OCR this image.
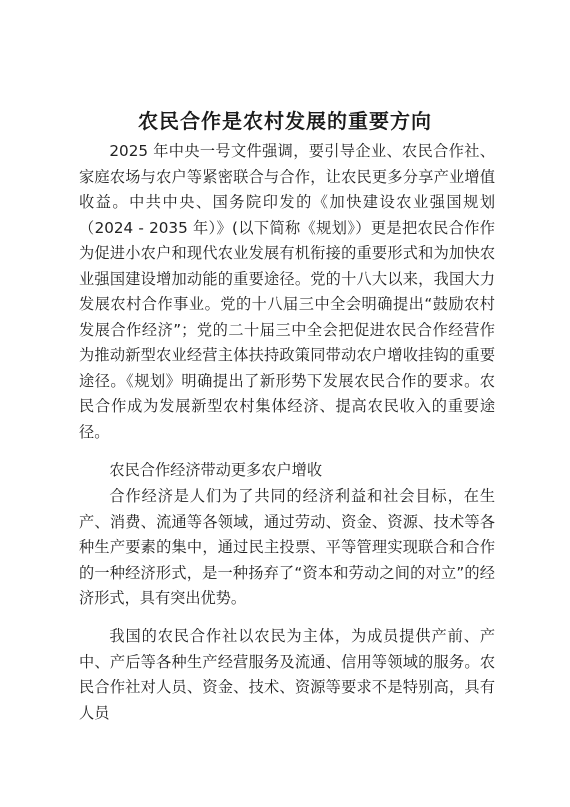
农民合作是农村发展的重要方向
2025 年中央一号文件强调，要引导企业、农民合作社、家庭农场与农户等紧密联合与合作，让农民更多分享产业增值收益。中共中央、国务院印发的《加快建设农业强国规划（2024 - 2035 年）》(以下简称《规划》）更是把农民合作作为促进小农户和现代农业发展有机衔接的重要形式和为加快农业强国建设增加动能的重要途径。党的十八大以来，我国大力发展农村合作事业。党的十八届三中全会明确提出“鼓励农村发展合作经济”；党的二十届三中全会把促进农民合作经营作为推动新型农业经营主体扶持政策同带动农户增收挂钩的重要途径。《规划》明确提出了新形势下发展农民合作的要求。农民合作成为发展新型农村集体经济、提高农民收入的重要途径。
农民合作经济带动更多农户增收
合作经济是人们为了共同的经济利益和社会目标，在生产、消费、流通等各领域，通过劳动、资金、资源、技术等各种生产要素的集中，通过民主投票、平等管理实现联合和合作的一种经济形式，是一种扬弃了“资本和劳动之间的对立”的经济形式，具有突出优势。
我国的农民合作社以农民为主体，为成员提供产前、产中、产后等各种生产经营服务及流通、信用等领域的服务。农民合作社对人员、资金、技术、资源等要求不是特别高，具有人员
